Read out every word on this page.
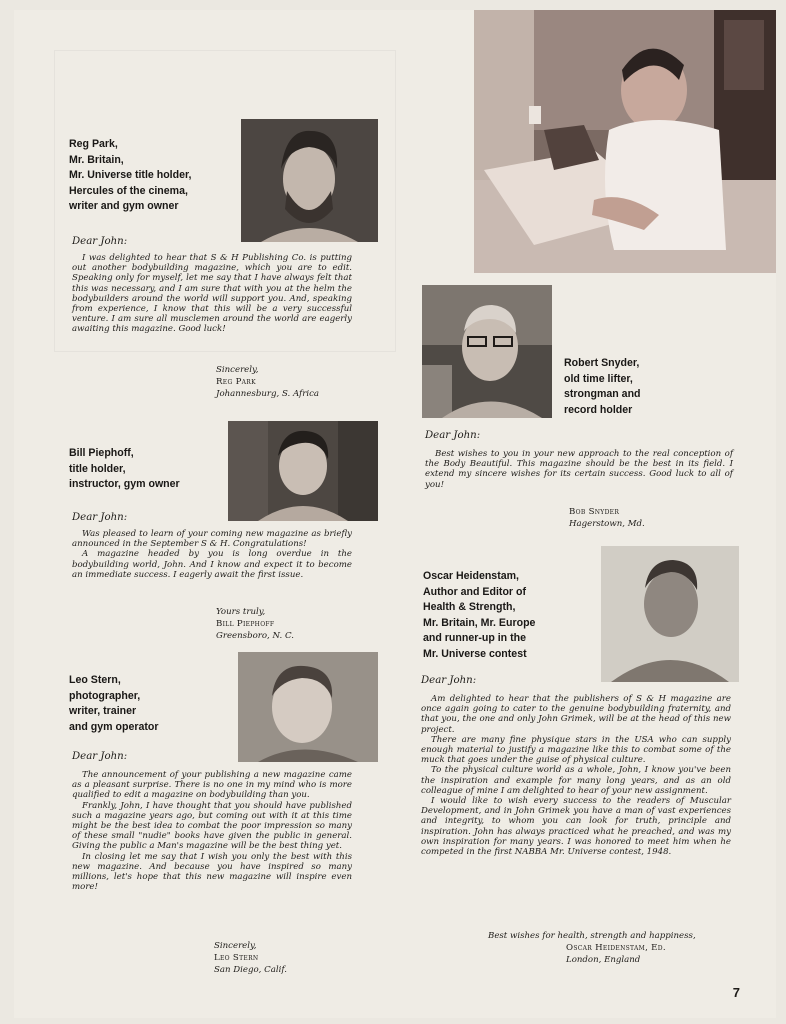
Reg Park,
Mr. Britain,
Mr. Universe title holder,
Hercules of the cinema,
writer and gym owner
Dear John:

I was delighted to hear that S & H Publishing Co. is putting out another bodybuilding magazine, which you are to edit. Speaking only for myself, let me say that I have always felt that this was necessary, and I am sure that with you at the helm the bodybuilders around the world will support you. And, speaking from experience, I know that this will be a very successful venture. I am sure all musclemen around the world are eagerly awaiting this magazine. Good luck!

Sincerely,
Reg Park
Johannesburg, S. Africa
Bill Piephoff,
title holder,
instructor, gym owner
Dear John:

Was pleased to learn of your coming new magazine as briefly announced in the September S & H. Congratulations!

A magazine headed by you is long overdue in the bodybuilding world, John. And I know and expect it to become an immediate success. I eagerly await the first issue.

Yours truly,
Bill Piephoff
Greensboro, N. C.
Leo Stern,
photographer,
writer, trainer
and gym operator
Dear John:

The announcement of your publishing a new magazine came as a pleasant surprise. There is no one in my mind who is more qualified to edit a magazine on bodybuilding than you.

Frankly, John, I have thought that you should have published such a magazine years ago, but coming out with it at this time might be the best idea to combat the poor impression so many of these small "nudie" books have given the public in general. Giving the public a Man's magazine will be the best thing yet.

In closing let me say that I wish you only the best with this new magazine. And because you have inspired so many millions, let's hope that this new magazine will inspire even more!

Sincerely,
Leo Stern
San Diego, Calif.
Robert Snyder,
old time lifter,
strongman and
record holder
Dear John:

Best wishes to you in your new approach to the real conception of the Body Beautiful. This magazine should be the best in its field. I extend my sincere wishes for its certain success. Good luck to all of you!

Bob Snyder
Hagerstown, Md.
Oscar Heidenstam,
Author and Editor of
Health & Strength,
Mr. Britain, Mr. Europe
and runner-up in the
Mr. Universe contest
Dear John:

Am delighted to hear that the publishers of S & H magazine are once again going to cater to the genuine bodybuilding fraternity, and that you, the one and only John Grimek, will be at the head of this new project.

There are many fine physique stars in the USA who can supply enough material to justify a magazine like this to combat some of the muck that goes under the guise of physical culture.

To the physical culture world as a whole, John, I know you've been the inspiration and example for many long years, and as an old colleague of mine I am delighted to hear of your new assignment.

I would like to wish every success to the readers of Muscular Development, and in John Grimek you have a man of vast experiences and integrity, to whom you can look for truth, principle and inspiration. John has always practiced what he preached, and was my own inspiration for many years. I was honored to meet him when he competed in the first NABBA Mr. Universe contest, 1948.

Best wishes for health, strength and happiness,
Oscar Heidenstam, Ed.
London, England
7
